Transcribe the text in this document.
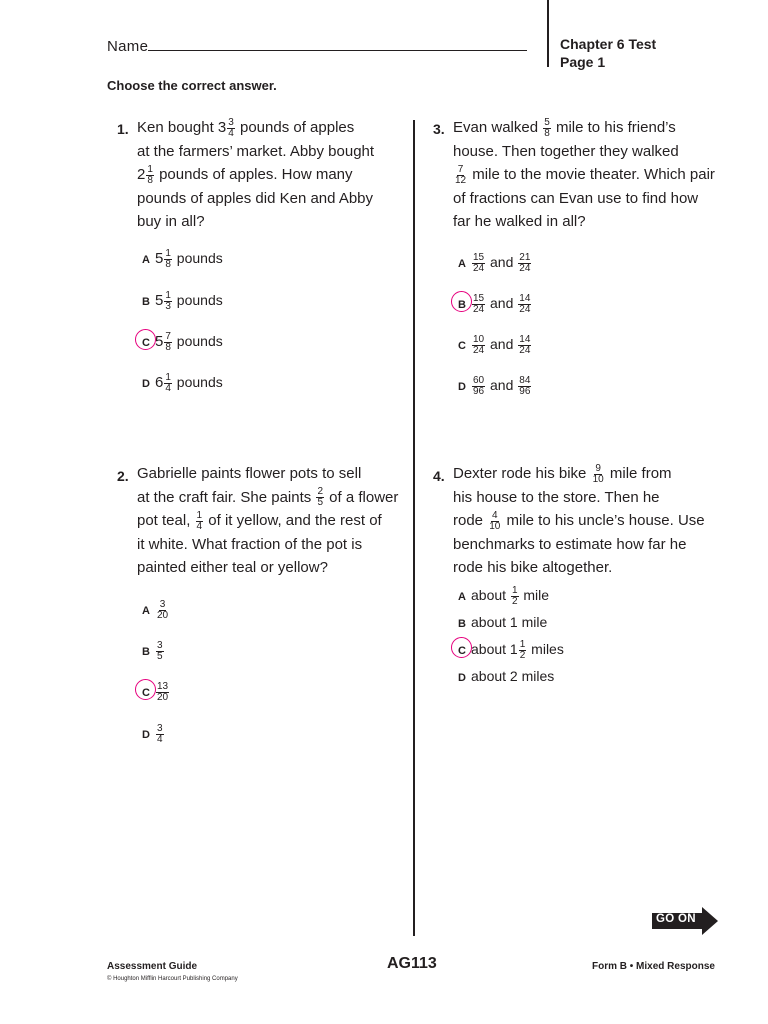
Name	Chapter 6 Test
Page 1
Choose the correct answer.
1. Ken bought $3 \frac{3}{4}$ pounds of apples
at the farmers’ market. Abby bought
$2 \frac{1}{8}$ pounds of apples. How many
pounds of apples did Ken and Abby
buy in all?
A $5 \frac{1}{8}$ pounds
B $5 \frac{1}{3}$ pounds
C $5 \frac{7}{8}$ pounds
D $6 \frac{1}{4}$ pounds
2. Gabrielle paints flower pots to sell
at the craft fair. She paints $\frac{2}{5}$ of a flower
pot teal, $\frac{1}{4}$ of it yellow, and the rest of
it white. What fraction of the pot is
painted either teal or yellow?
A $\frac{3}{20}$
B $\frac{3}{5}$
C $\frac{13}{20}$
D $\frac{3}{4}$
3. Evan walked $\frac{5}{8}$ mile to his friend’s
house. Then together they walked
$\frac{7}{12}$ mile to the movie theater. Which pair
of fractions can Evan use to find how
far he walked in all?
A $\frac{15}{24}$ and $\frac{21}{24}$
B $\frac{15}{24}$ and $\frac{14}{24}$
C $\frac{10}{24}$ and $\frac{14}{24}$
D $\frac{60}{96}$ and $\frac{84}{96}$
4. Dexter rode his bike $\frac{9}{10}$ mile from
his house to the store. Then he
rode $\frac{4}{10}$ mile to his uncle’s house. Use
benchmarks to estimate how far he
rode his bike altogether.
A about $\frac{1}{2}$ mile
B about 1 mile
C about $1 \frac{1}{2}$ miles
D about 2 miles
GO ON
Assessment Guide
© Houghton Mifflin Harcourt Publishing Company
AG113	Form B • Mixed Response
